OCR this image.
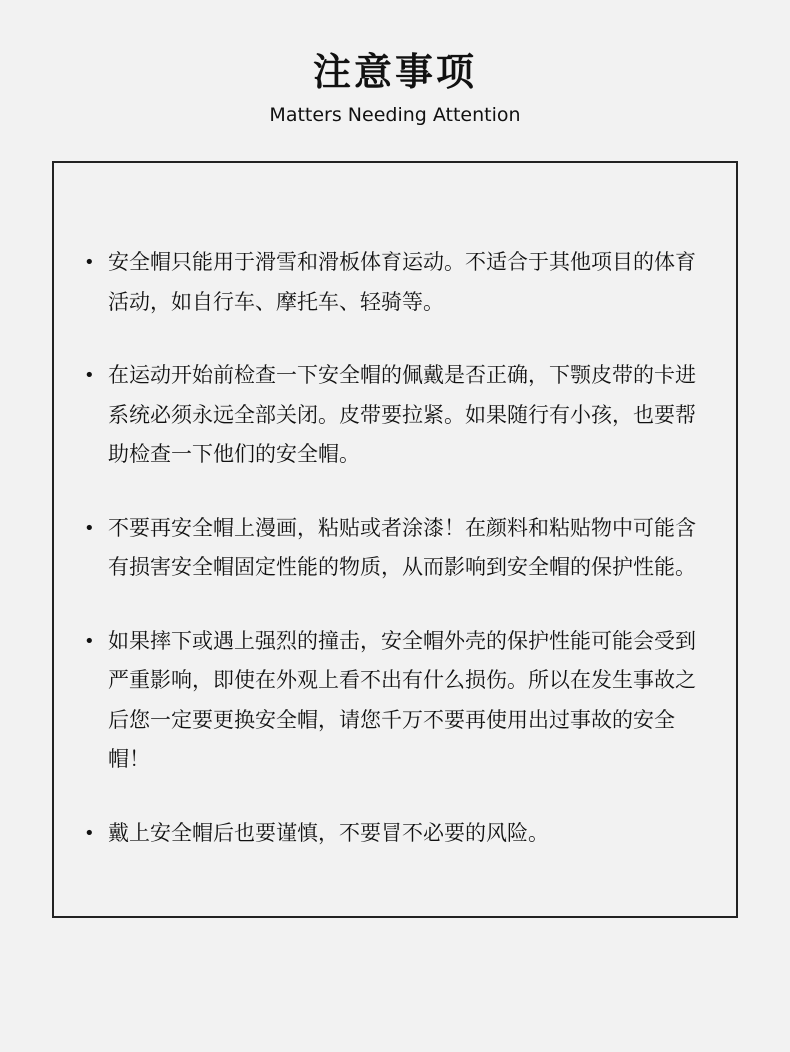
注意事项
Matters Needing Attention
• 安全帽只能用于滑雪和滑板体育运动。不适合于其他项目的体育活动，如自行车、摩托车、轻骑等。
• 在运动开始前检查一下安全帽的佩戴是否正确，下颚皮带的卡进系统必须永远全部关闭。皮带要拉紧。如果随行有小孩，也要帮助检查一下他们的安全帽。
• 不要再安全帽上漫画，粘贴或者涂漆！在颜料和粘贴物中可能含有损害安全帽固定性能的物质，从而影响到安全帽的保护性能。
• 如果摔下或遇上强烈的撞击，安全帽外壳的保护性能可能会受到严重影响，即使在外观上看不出有什么损伤。所以在发生事故之后您一定要更换安全帽，请您千万不要再使用出过事故的安全帽！
• 戴上安全帽后也要谨慎，不要冒不必要的风险。
